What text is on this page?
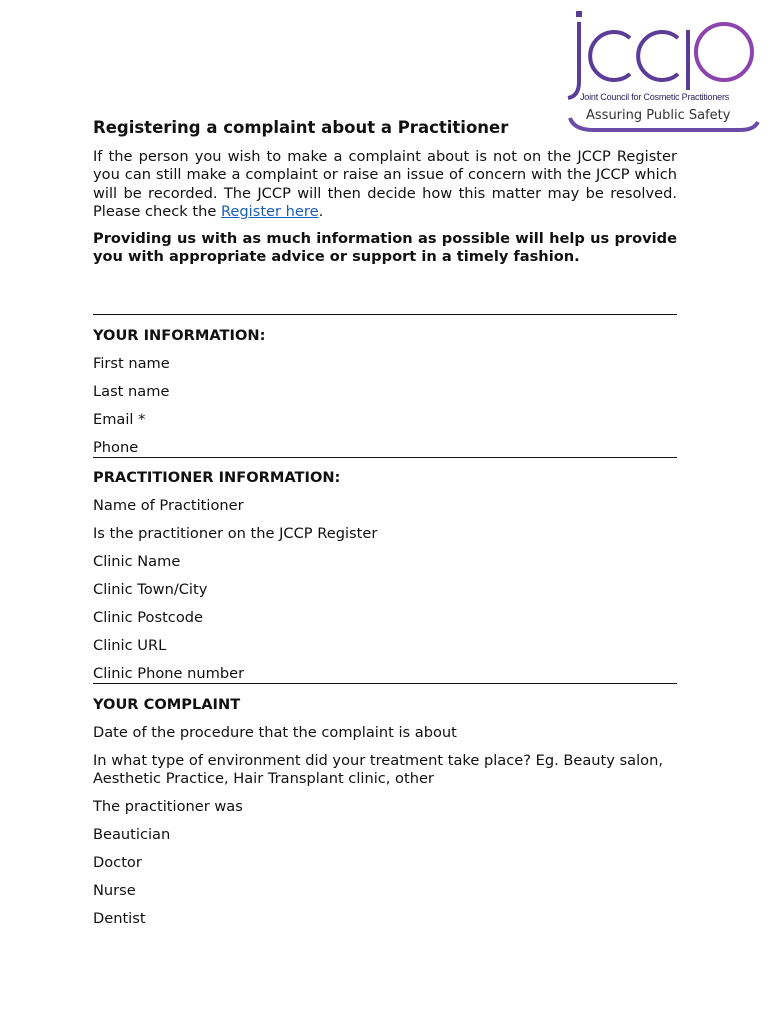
Joint Council for Cosmetic Practitioners
Assuring Public Safety
Registering a complaint about a Practitioner

If the person you wish to make a complaint about is not on the JCCP Register you can still make a complaint or raise an issue of concern with the JCCP which will be recorded. The JCCP will then decide how this matter may be resolved. Please check the Register here.

Providing us with as much information as possible will help us provide you with appropriate advice or support in a timely fashion.

YOUR INFORMATION:
First name
Last name
Email *
Phone
PRACTITIONER INFORMATION:
Name of Practitioner
Is the practitioner on the JCCP Register
Clinic Name
Clinic Town/City
Clinic Postcode
Clinic URL
Clinic Phone number
YOUR COMPLAINT
Date of the procedure that the complaint is about
In what type of environment did your treatment take place? Eg. Beauty salon, Aesthetic Practice, Hair Transplant clinic, other
The practitioner was
Beautician
Doctor
Nurse
Dentist
